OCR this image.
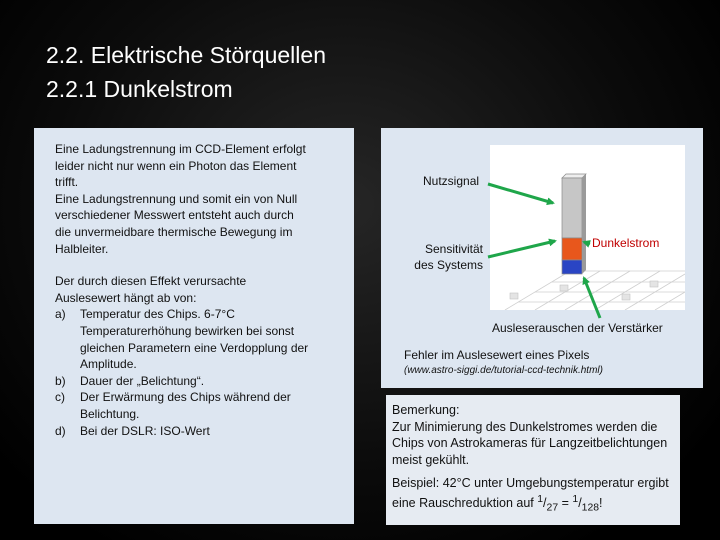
2.2. Elektrische Störquellen
2.2.1 Dunkelstrom

Eine Ladungstrennung im CCD-Element erfolgt

leider nicht nur wenn ein Photon das Element

trifft.

Eine Ladungstrennung und somit ein von Null

verschiedener Messwert entsteht auch durch

die unvermeidbare thermische Bewegung im

Halbleiter.

Der durch diesen Effekt verursachte

Auslesewert hängt ab von:

a) Temperatur des Chips. 6-7°C
Temperaturerhöhung bewirken bei sonst
gleichen Parametern eine Verdopplung der
Amplitude.
b) Dauer der „Belichtung“.
c) Der Erwärmung des Chips während der
Belichtung.
d) Bei der DSLR: ISO-Wert
Nutzsignal
Sensitivität
des Systems
Dunkelstrom
Ausleserauschen der Verstärker
Fehler im Auslesewert eines Pixels
(www.astro-siggi.de/tutorial-ccd-technik.html)

Bemerkung:

Zur Minimierung des Dunkelstromes werden die

Chips von Astrokameras für Langzeitbelichtungen

meist gekühlt.

Beispiel: 42°C unter Umgebungstemperatur ergibt

eine Rauschreduktion auf $^1/_{27} = ^1/_{128}$!
